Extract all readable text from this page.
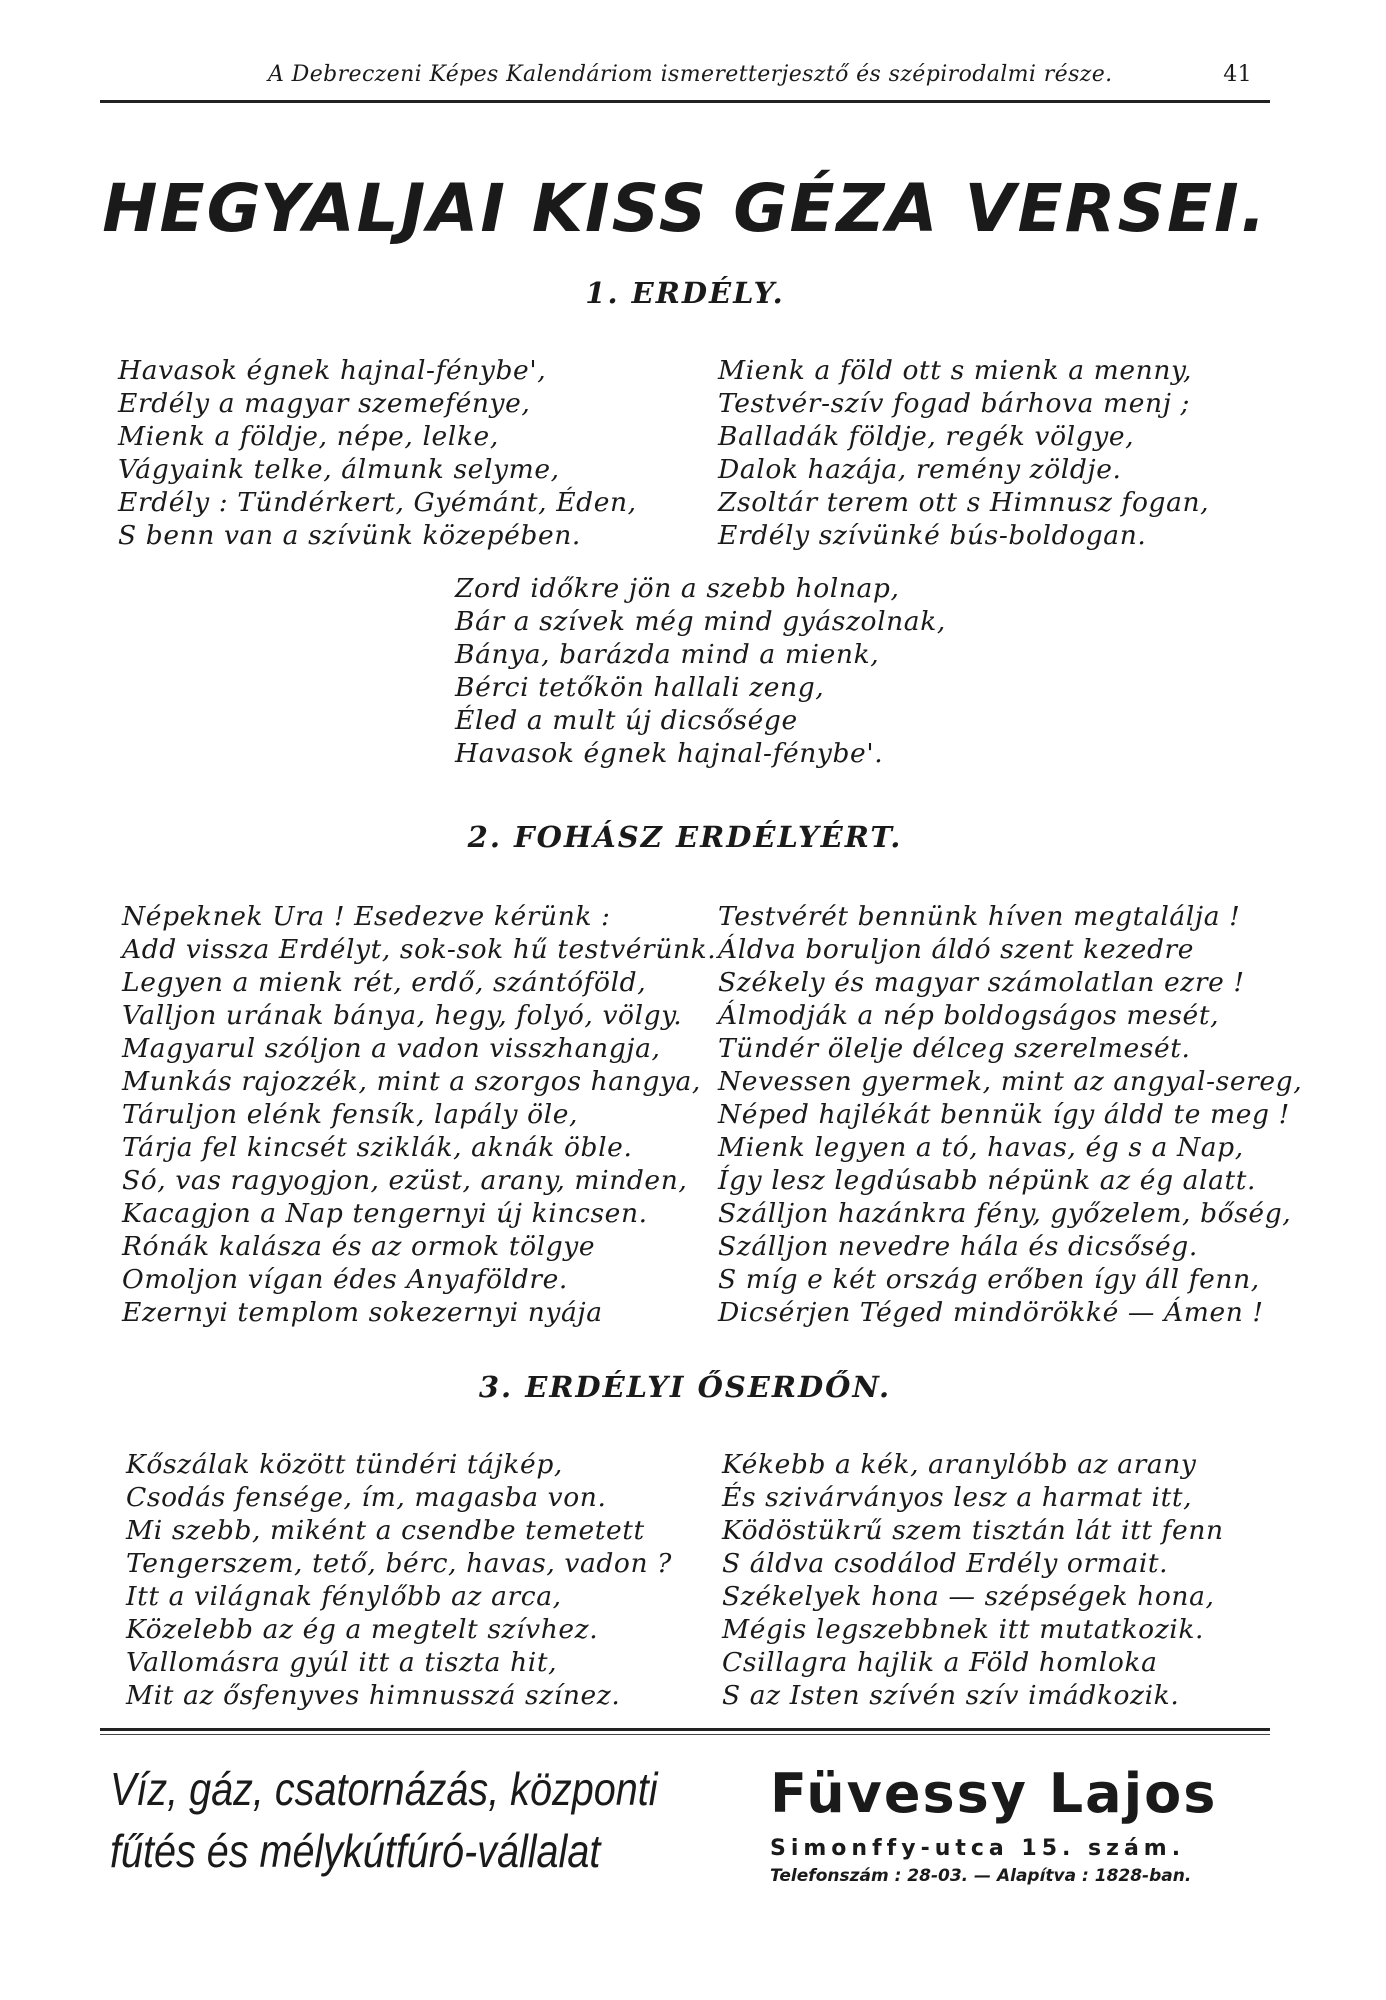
A Debreczeni Képes Kalendáriom ismeretterjesztő és szépirodalmi része.	41
HEGYALJAI KISS GÉZA VERSEI.
1. ERDÉLY.
Havasok égnek hajnal-fénybe',
Erdély a magyar szemefénye,
Mienk a földje, népe, lelke,
Vágyaink telke, álmunk selyme,
Erdély : Tündérkert, Gyémánt, Éden,
S benn van a szívünk közepében.
Mienk a föld ott s mienk a menny,
Testvér-szív fogad bárhova menj ;
Balladák földje, regék völgye,
Dalok hazája, remény zöldje.
Zsoltár terem ott s Himnusz fogan,
Erdély szívünké bús-boldogan.
Zord időkre jön a szebb holnap,
Bár a szívek még mind gyászolnak,
Bánya, barázda mind a mienk,
Bérci tetőkön hallali zeng,
Éled a mult új dicsősége
Havasok égnek hajnal-fénybe'.
2. FOHÁSZ ERDÉLYÉRT.
Népeknek Ura ! Esedezve kérünk :
Add vissza Erdélyt, sok-sok hű testvérünk.
Legyen a mienk rét, erdő, szántóföld,
Valljon urának bánya, hegy, folyó, völgy.
Magyarul szóljon a vadon visszhangja,
Munkás rajozzék, mint a szorgos hangya,
Táruljon elénk fensík, lapály öle,
Tárja fel kincsét sziklák, aknák öble.
Só, vas ragyogjon, ezüst, arany, minden,
Kacagjon a Nap tengernyi új kincsen.
Rónák kalásza és az ormok tölgye
Omoljon vígan édes Anyaföldre.
Ezernyi templom sokezernyi nyája
Testvérét bennünk híven megtalálja !
Áldva boruljon áldó szent kezedre
Székely és magyar számolatlan ezre !
Álmodják a nép boldogságos mesét,
Tündér ölelje délceg szerelmesét.
Nevessen gyermek, mint az angyal-sereg,
Néped hajlékát bennük így áldd te meg !
Mienk legyen a tó, havas, ég s a Nap,
Így lesz legdúsabb népünk az ég alatt.
Szálljon hazánkra fény, győzelem, bőség,
Szálljon nevedre hála és dicsőség.
S míg e két ország erőben így áll fenn,
Dicsérjen Téged mindörökké — Ámen !
3. ERDÉLYI ŐSERDŐN.
Kőszálak között tündéri tájkép,
Csodás fensége, ím, magasba von.
Mi szebb, miként a csendbe temetett
Tengerszem, tető, bérc, havas, vadon ?
Itt a világnak fénylőbb az arca,
Közelebb az ég a megtelt szívhez.
Vallomásra gyúl itt a tiszta hit,
Mit az ősfenyves himnusszá színez.
Kékebb a kék, aranylóbb az arany
És szivárványos lesz a harmat itt,
Ködöstükrű szem tisztán lát itt fenn
S áldva csodálod Erdély ormait.
Székelyek hona — szépségek hona,
Mégis legszebbnek itt mutatkozik.
Csillagra hajlik a Föld homloka
S az Isten szívén szív imádkozik.
Víz, gáz, csatornázás, központi
fűtés és mélykútfúró-vállalat
Füvessy Lajos
Simonffy-utca 15. szám.
Telefonszám : 28-03. — Alapítva : 1828-ban.
